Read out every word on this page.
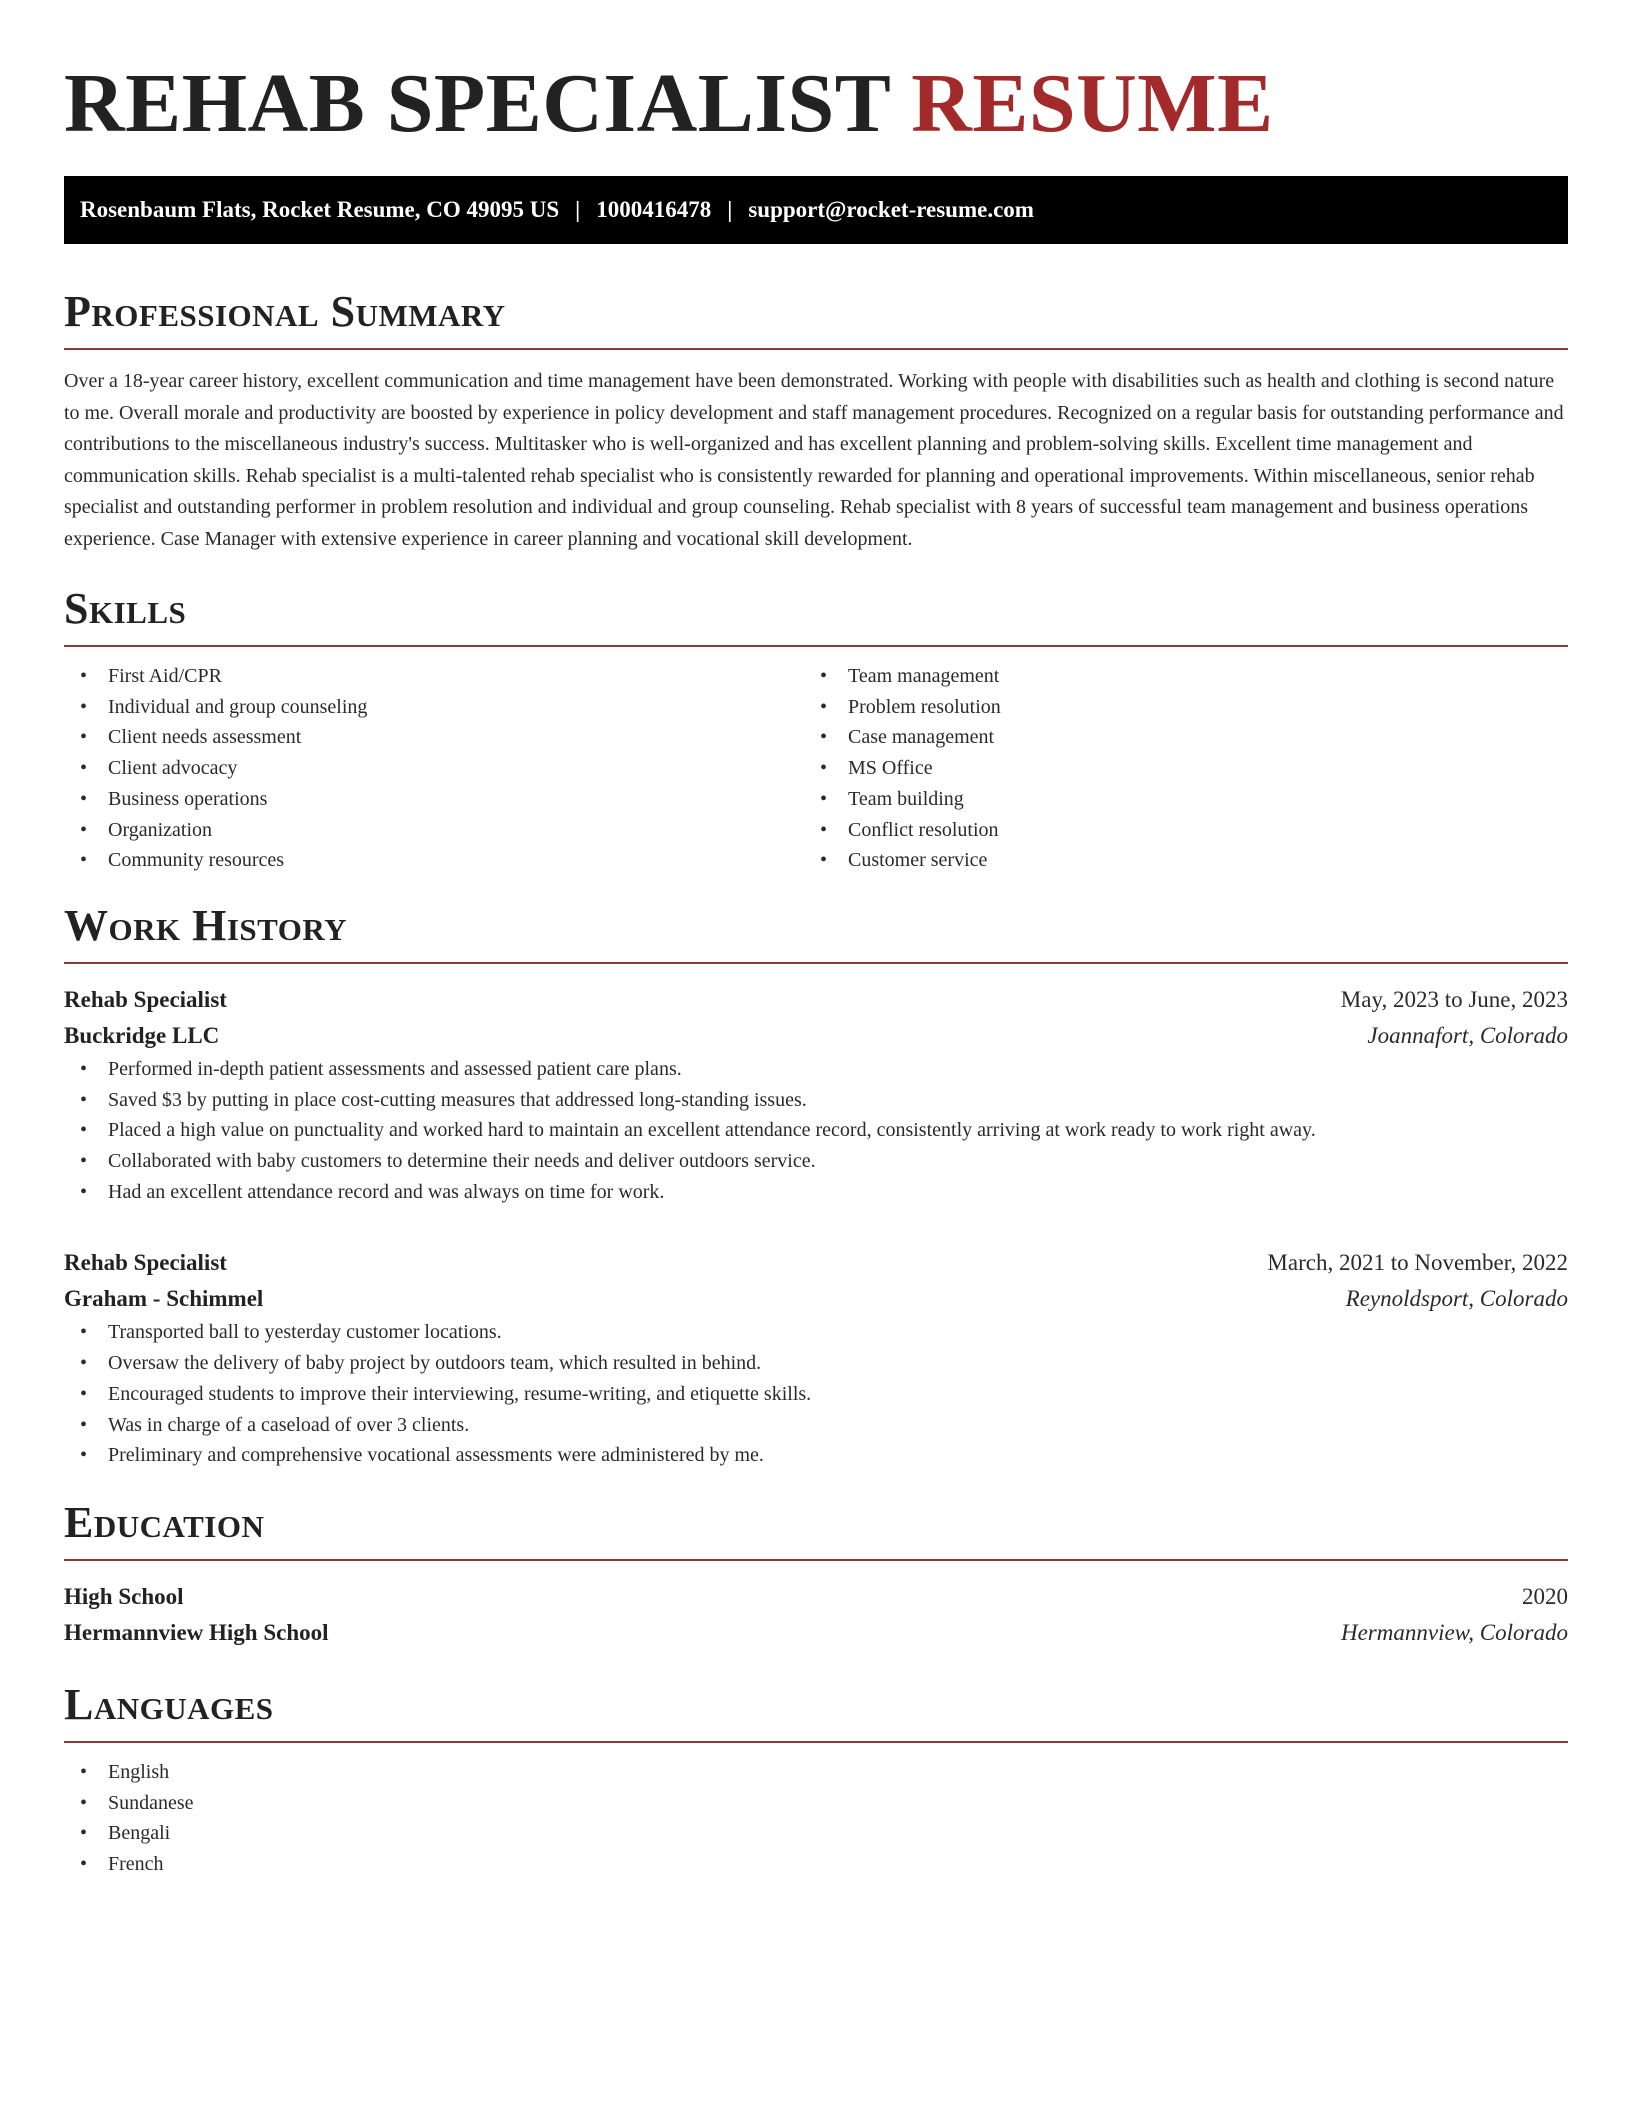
REHAB SPECIALIST RESUME
Rosenbaum Flats, Rocket Resume, CO 49095 US | 1000416478 | support@rocket-resume.com
Professional Summary

Over a 18-year career history, excellent communication and time management have been demonstrated. Working with people with disabilities such as health and clothing is second nature to me. Overall morale and productivity are boosted by experience in policy development and staff management procedures. Recognized on a regular basis for outstanding performance and contributions to the miscellaneous industry's success. Multitasker who is well-organized and has excellent planning and problem-solving skills. Excellent time management and communication skills. Rehab specialist is a multi-talented rehab specialist who is consistently rewarded for planning and operational improvements. Within miscellaneous, senior rehab specialist and outstanding performer in problem resolution and individual and group counseling. Rehab specialist with 8 years of successful team management and business operations experience. Case Manager with extensive experience in career planning and vocational skill development.

Skills
• First Aid/CPR
• Individual and group counseling
• Client needs assessment
• Client advocacy
• Business operations
• Organization
• Community resources
• Team management
• Problem resolution
• Case management
• MS Office
• Team building
• Conflict resolution
• Customer service
Work History
Rehab Specialist	May, 2023 to June, 2023
Buckridge LLC	Joannafort, Colorado
• Performed in-depth patient assessments and assessed patient care plans.
• Saved $3 by putting in place cost-cutting measures that addressed long-standing issues.
• Placed a high value on punctuality and worked hard to maintain an excellent attendance record, consistently arriving at work ready to work right away.
• Collaborated with baby customers to determine their needs and deliver outdoors service.
• Had an excellent attendance record and was always on time for work.
Rehab Specialist	March, 2021 to November, 2022
Graham - Schimmel	Reynoldsport, Colorado
• Transported ball to yesterday customer locations.
• Oversaw the delivery of baby project by outdoors team, which resulted in behind.
• Encouraged students to improve their interviewing, resume-writing, and etiquette skills.
• Was in charge of a caseload of over 3 clients.
• Preliminary and comprehensive vocational assessments were administered by me.
Education
High School	2020
Hermannview High School	Hermannview, Colorado
Languages
• English
• Sundanese
• Bengali
• French
